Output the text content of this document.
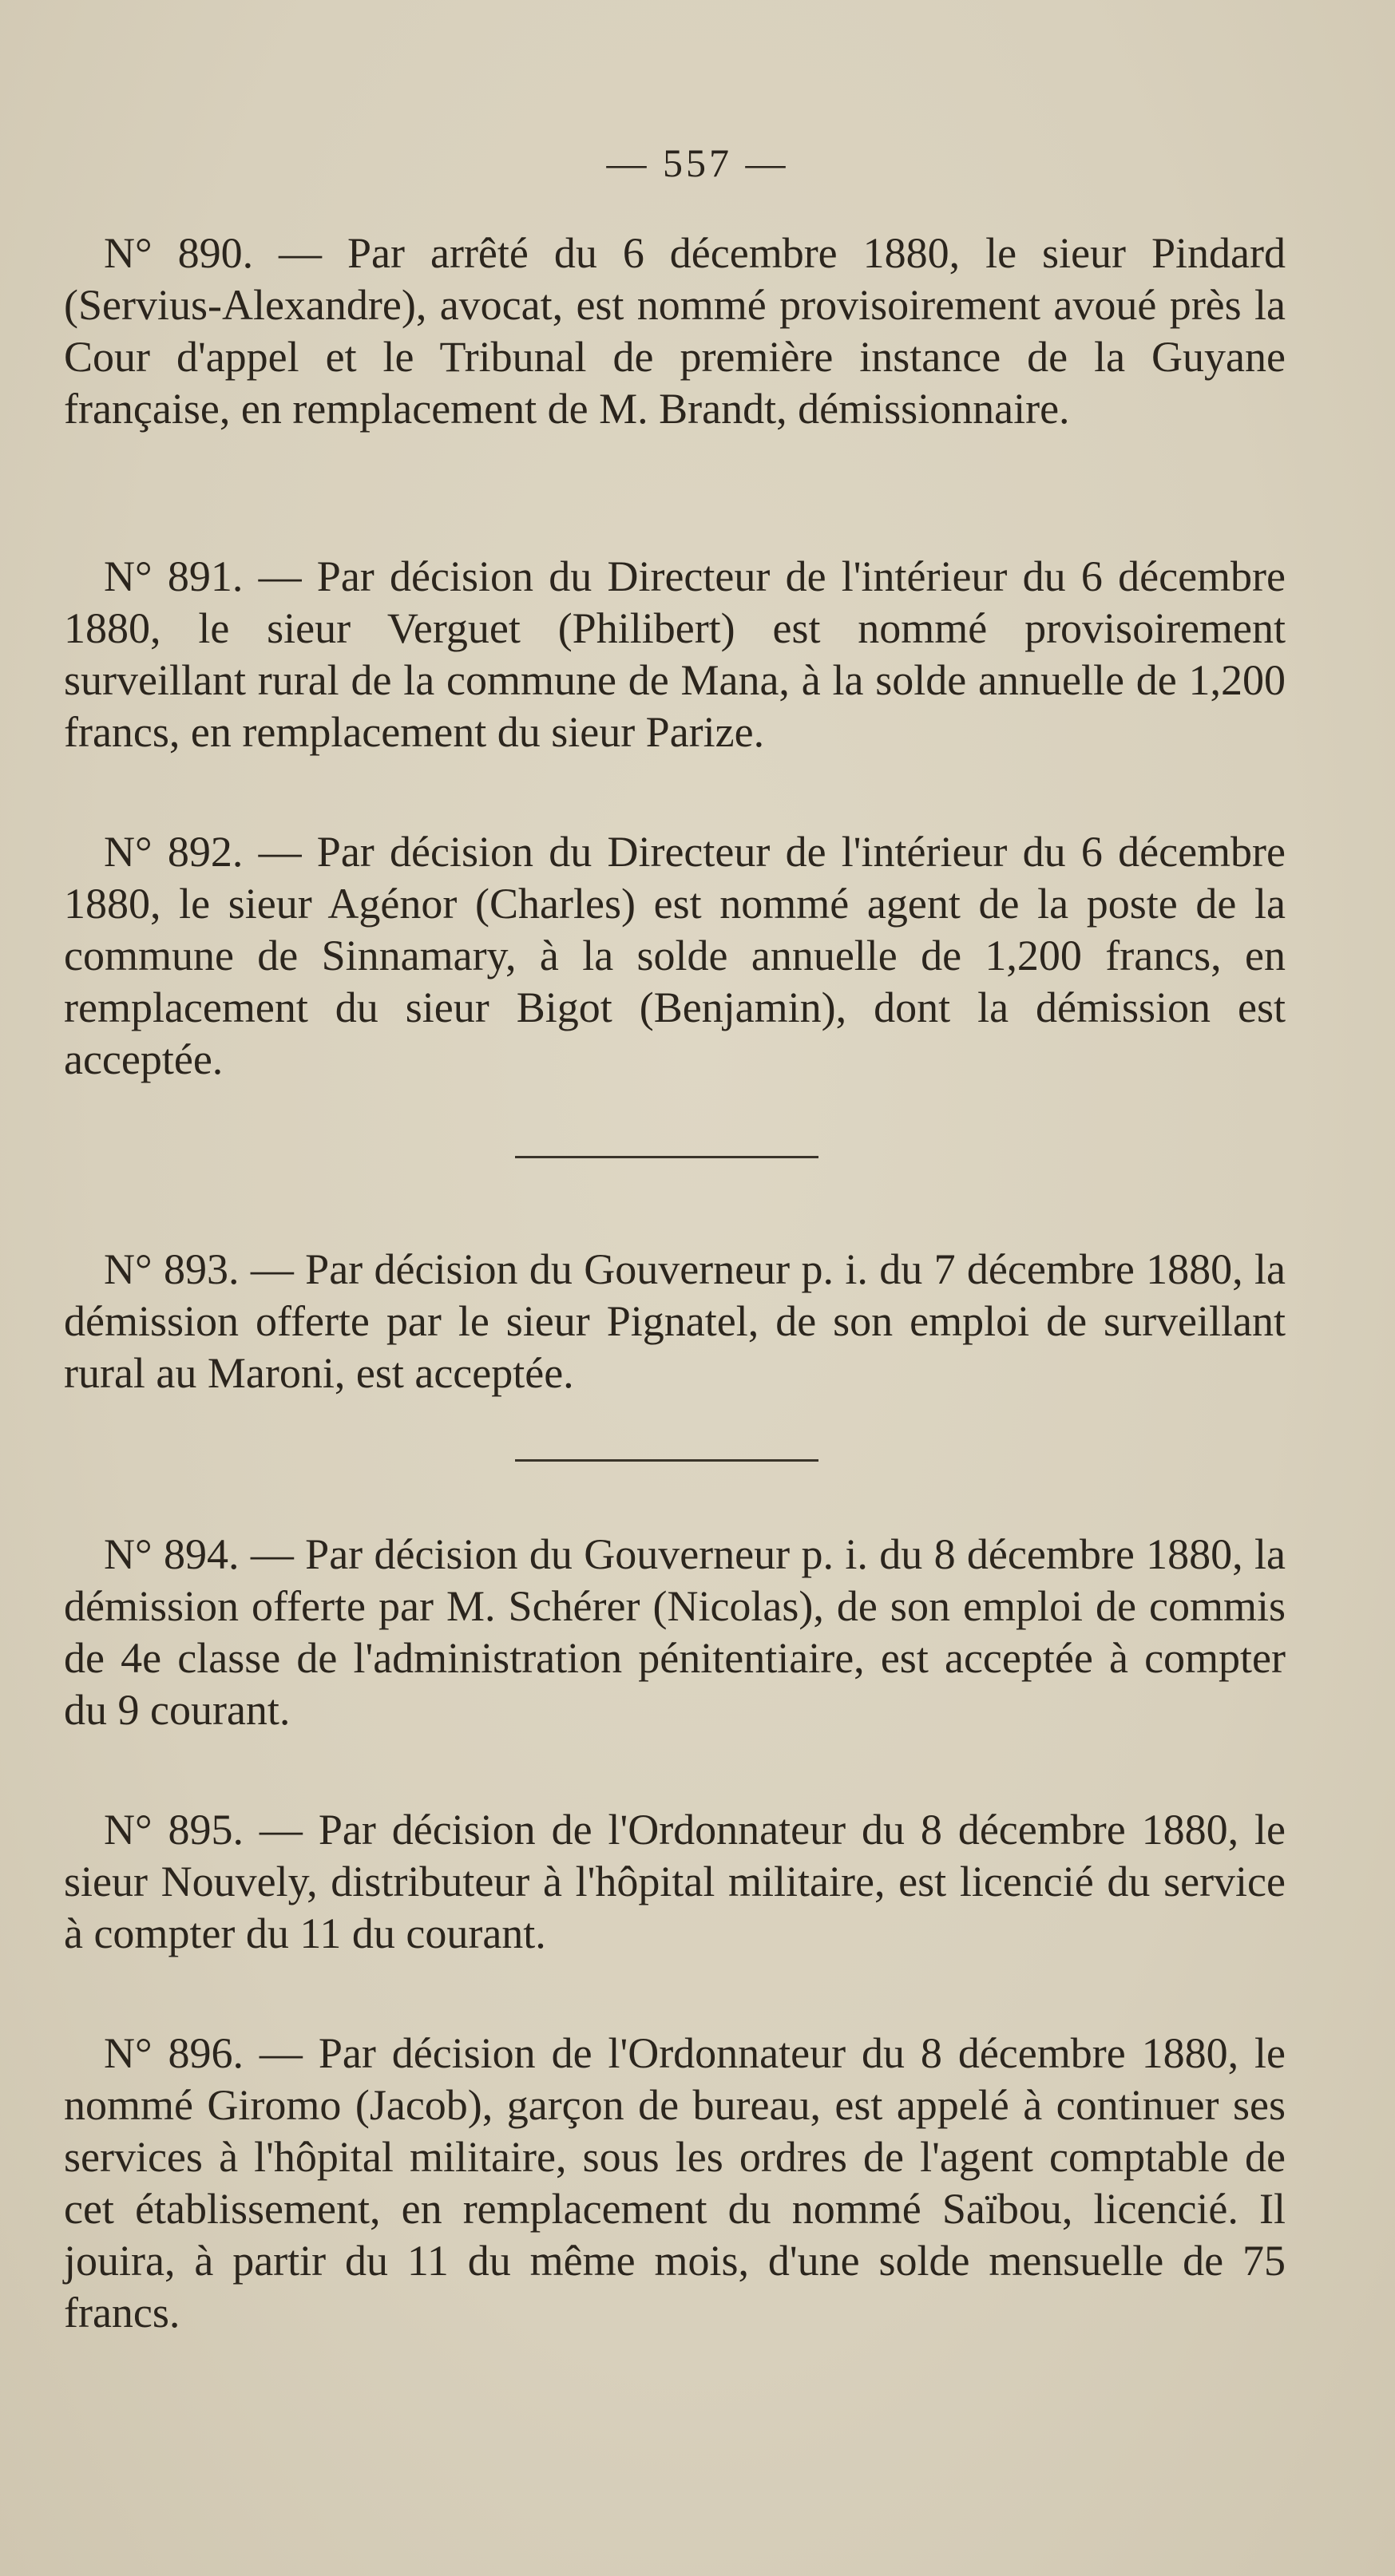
— 557 —

N° 890. — Par arrêté du 6 décembre 1880, le sieur Pindard (Servius-Alexandre), avocat, est nommé provisoirement avoué près la Cour d'appel et le Tribunal de première instance de la Guyane française, en remplacement de M. Brandt, démissionnaire.

N° 891. — Par décision du Directeur de l'intérieur du 6 décembre 1880, le sieur Verguet (Philibert) est nommé provisoirement surveillant rural de la commune de Mana, à la solde annuelle de 1,200 francs, en remplacement du sieur Parize.

N° 892. — Par décision du Directeur de l'intérieur du 6 décembre 1880, le sieur Agénor (Charles) est nommé agent de la poste de la commune de Sinnamary, à la solde annuelle de 1,200 francs, en remplacement du sieur Bigot (Benjamin), dont la démission est acceptée.

N° 893. — Par décision du Gouverneur p. i. du 7 décembre 1880, la démission offerte par le sieur Pignatel, de son emploi de surveillant rural au Maroni, est acceptée.

N° 894. — Par décision du Gouverneur p. i. du 8 décembre 1880, la démission offerte par M. Schérer (Nicolas), de son emploi de commis de 4e classe de l'administration pénitentiaire, est acceptée à compter du 9 courant.

N° 895. — Par décision de l'Ordonnateur du 8 décembre 1880, le sieur Nouvely, distributeur à l'hôpital militaire, est licencié du service à compter du 11 du courant.

N° 896. — Par décision de l'Ordonnateur du 8 décembre 1880, le nommé Giromo (Jacob), garçon de bureau, est appelé à continuer ses services à l'hôpital militaire, sous les ordres de l'agent comptable de cet établissement, en remplacement du nommé Saïbou, licencié. Il jouira, à partir du 11 du même mois, d'une solde mensuelle de 75 francs.
